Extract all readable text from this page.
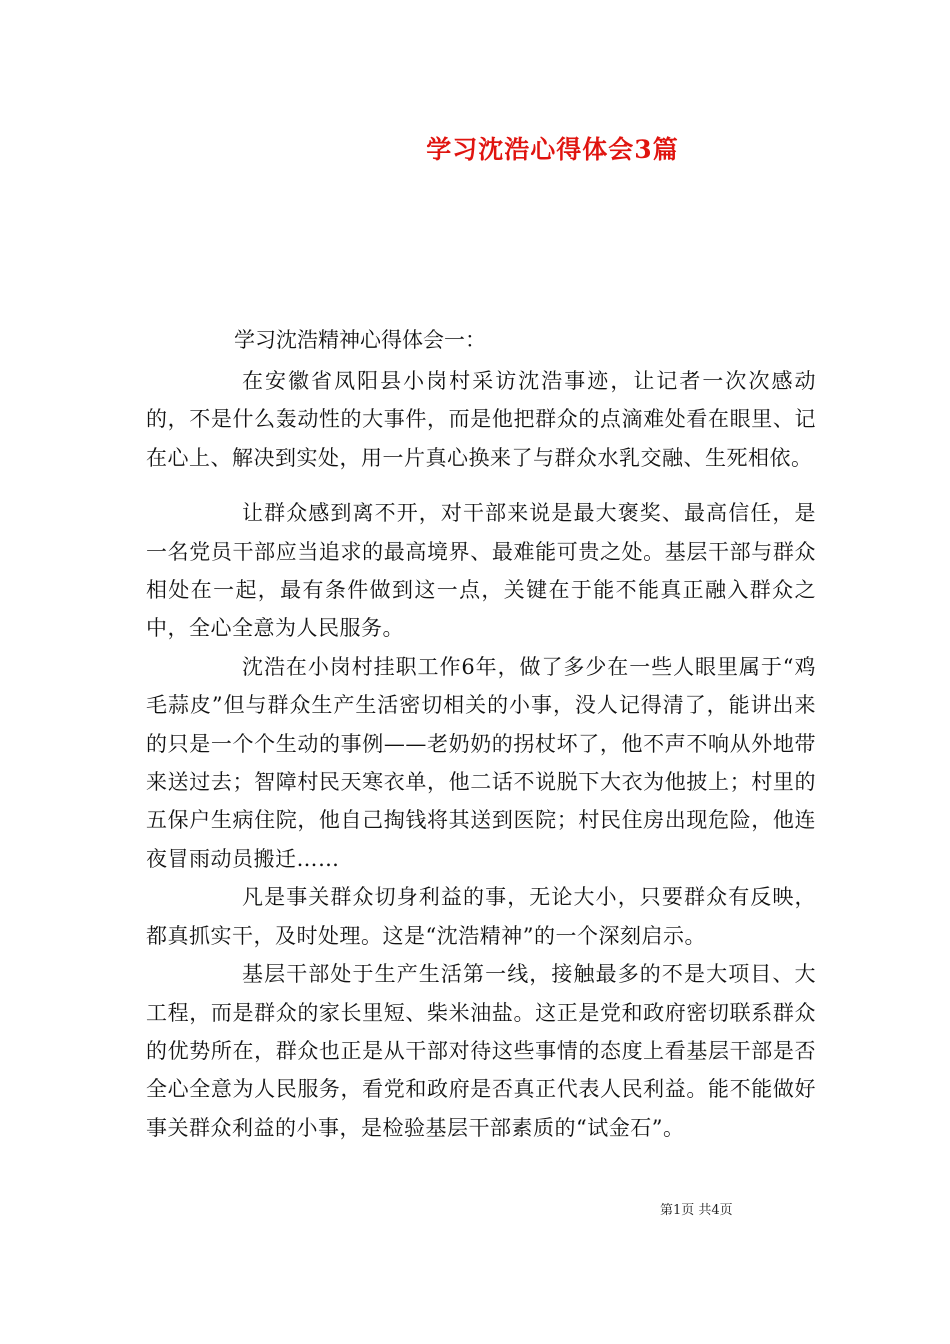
学习沈浩心得体会3篇

学习沈浩精神心得体会一：

在安徽省凤阳县小岗村采访沈浩事迹，让记者一次次感动的，不是什么轰动性的大事件，而是他把群众的点滴难处看在眼里、记在心上、解决到实处，用一片真心换来了与群众水乳交融、生死相依。

让群众感到离不开，对干部来说是最大褒奖、最高信任，是一名党员干部应当追求的最高境界、最难能可贵之处。基层干部与群众相处在一起，最有条件做到这一点，关键在于能不能真正融入群众之中，全心全意为人民服务。

沈浩在小岗村挂职工作6年，做了多少在一些人眼里属于“鸡毛蒜皮”但与群众生产生活密切相关的小事，没人记得清了，能讲出来的只是一个个生动的事例——老奶奶的拐杖坏了，他不声不响从外地带来送过去；智障村民天寒衣单，他二话不说脱下大衣为他披上；村里的五保户生病住院，他自己掏钱将其送到医院；村民住房出现危险，他连夜冒雨动员搬迁……

凡是事关群众切身利益的事，无论大小，只要群众有反映，都真抓实干，及时处理。这是“沈浩精神”的一个深刻启示。

基层干部处于生产生活第一线，接触最多的不是大项目、大工程，而是群众的家长里短、柴米油盐。这正是党和政府密切联系群众的优势所在，群众也正是从干部对待这些事情的态度上看基层干部是否全心全意为人民服务，看党和政府是否真正代表人民利益。能不能做好事关群众利益的小事，是检验基层干部素质的“试金石”。

第1页 共4页
